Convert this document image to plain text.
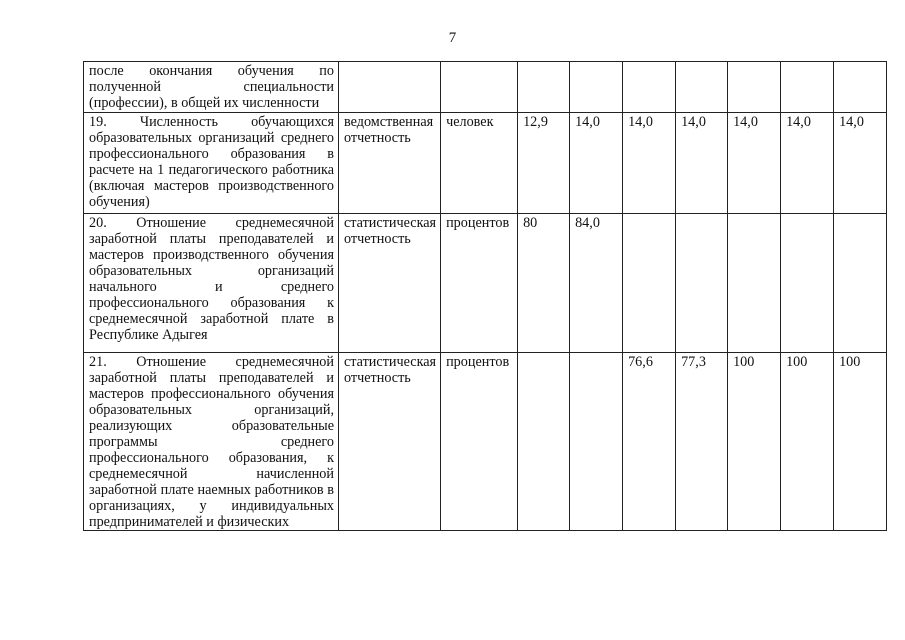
7
после окончания обучения по полученной специальности (профессии), в общей их численности									
19. Численность обучающихся образовательных организаций среднего профессионального образования в расчете на 1 педагогического работника (включая мастеров производственного обучения)	ведомственная отчетность	человек	12,9	14,0	14,0	14,0	14,0	14,0	14,0
20. Отношение среднемесячной заработной платы преподавателей и мастеров производственного обучения образовательных организаций начального и среднего профессионального образования к среднемесячной заработной плате в Республике Адыгея	статистическая отчетность	процентов	80	84,0					
21. Отношение среднемесячной заработной платы преподавателей и мастеров профессионального обучения образовательных организаций, реализующих образовательные программы среднего профессионального образования, к среднемесячной начисленной заработной плате наемных работников в организациях, у индивидуальных предпринимателей и физических	статистическая отчетность	процентов			76,6	77,3	100	100	100
